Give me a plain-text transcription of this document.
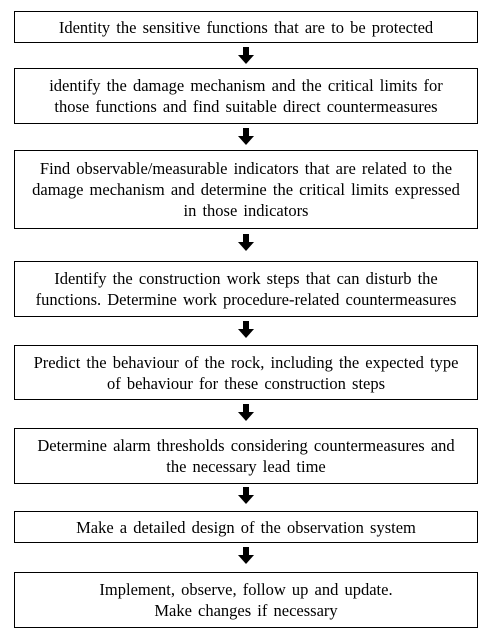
Identity the sensitive functions that are to be protected
identify the damage mechanism and the critical limits for
those functions and find suitable direct countermeasures
Find observable/measurable indicators that are related to the
damage mechanism and determine the critical limits expressed
in those indicators
Identify the construction work steps that can disturb the
functions. Determine work procedure-related countermeasures
Predict the behaviour of the rock, including the expected type
of behaviour for these construction steps
Determine alarm thresholds considering countermeasures and
the necessary lead time
Make a detailed design of the observation system
Implement, observe, follow up and update.
Make changes if necessary
